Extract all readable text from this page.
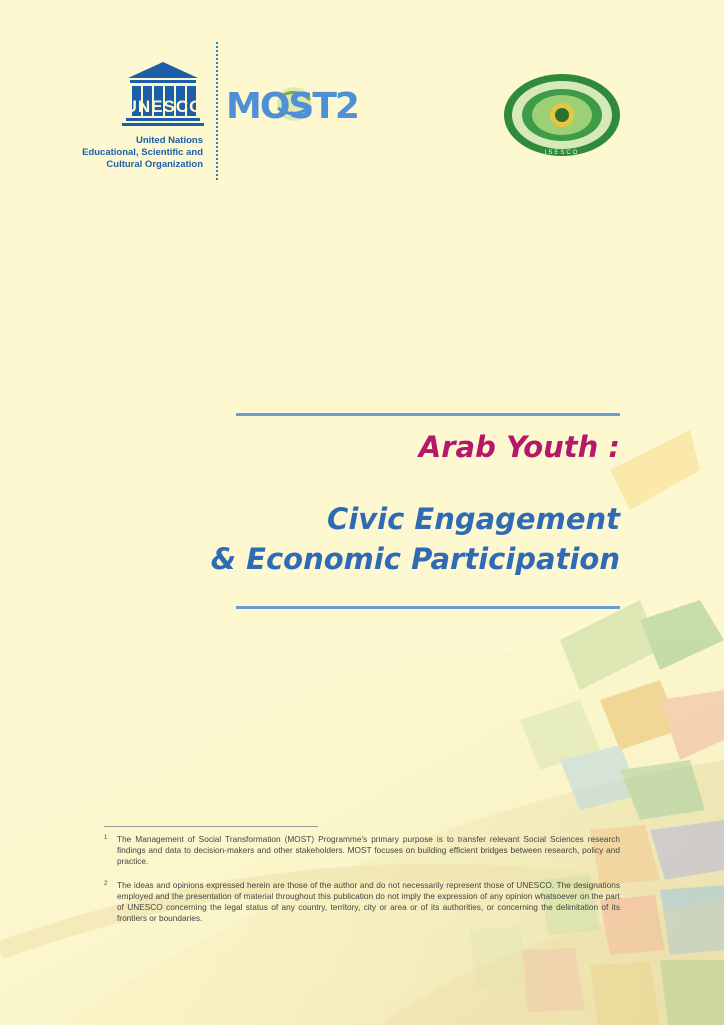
UNESCO
United Nations
Educational, Scientific and
Cultural Organization
MOST2
ISESCO
Arab Youth :
Civic Engagement
& Economic Participation
1 The Management of Social Transformation (MOST) Programme's primary purpose is to transfer relevant Social Sciences research findings and data to decision-makers and other stakeholders. MOST focuses on building efficient bridges between research, policy and practice.
2 The ideas and opinions expressed herein are those of the author and do not necessarily represent those of UNESCO. The designations employed and the presentation of material throughout this publication do not imply the expression of any opinion whatsoever on the part of UNESCO concerning the legal status of any country, territory, city or area or of its authorities, or concerning the delimitation of its frontiers or boundaries.
